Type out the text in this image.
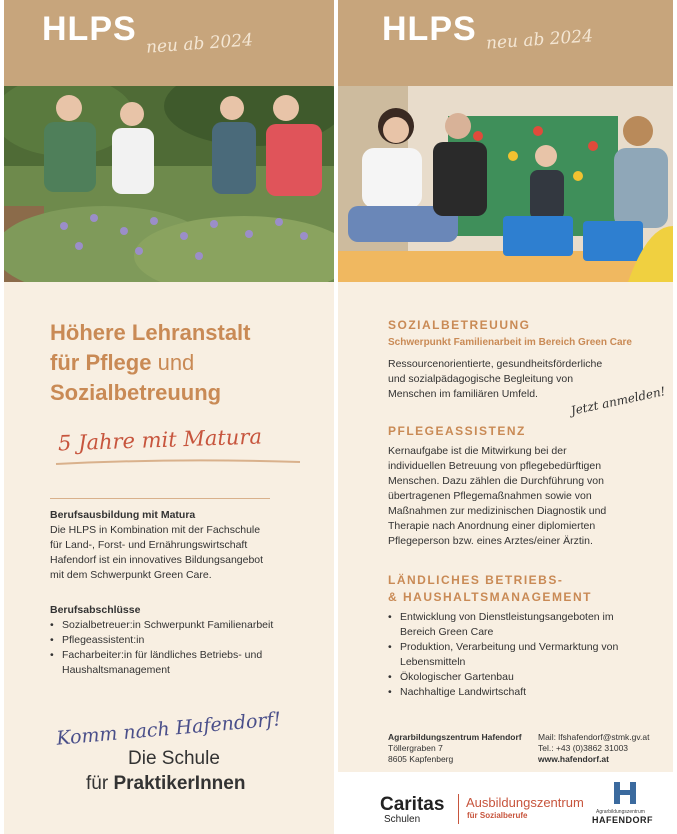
HLPS neu ab 2024
Höhere Lehranstalt
für Pflege und
Sozialbetreuung
5 Jahre mit Matura
Berufsausbildung mit Matura
Die HLPS in Kombination mit der Fachschule
für Land-, Forst- und Ernährungswirtschaft
Hafendorf ist ein innovatives Bildungsangebot
mit dem Schwerpunkt Green Care.
Berufsabschlüsse
• Sozialbetreuer:in Schwerpunkt Familienarbeit
• Pflegeassistent:in
• Facharbeiter:in für ländliches Betriebs- und Haushaltsmanagement
Komm nach Hafendorf!
Die Schule
für PraktikerInnen
HLPS neu ab 2024
SOZIALBETREUUNG
Schwerpunkt Familienarbeit im Bereich Green Care
Ressourcenorientierte, gesundheitsförderliche
und sozialpädagogische Begleitung von
Menschen im familiären Umfeld.	Jetzt anmelden!
PFLEGEASSISTENZ
Kernaufgabe ist die Mitwirkung bei der
individuellen Betreuung von pflegebedürftigen
Menschen. Dazu zählen die Durchführung von
übertragenen Pflegemaßnahmen sowie von
Maßnahmen zur medizinischen Diagnostik und
Therapie nach Anordnung einer diplomierten
Pflegeperson bzw. eines Arztes/einer Ärztin.
LÄNDLICHES BETRIEBS-
& HAUSHALTSMANAGEMENT
• Entwicklung von Dienstleistungsangeboten im Bereich Green Care
• Produktion, Verarbeitung und Vermarktung von Lebensmitteln
• Ökologischer Gartenbau
• Nachhaltige Landwirtschaft
Agrarbildungszentrum Hafendorf
Töllergraben 7
8605 Kapfenberg
Mail: lfshafendorf@stmk.gv.at
Tel.: +43 (0)3862 31003
www.hafendorf.at
Caritas
Schulen
Ausbildungszentrum
für Sozialberufe	Agrarbildungszentrum
HAFENDORF
